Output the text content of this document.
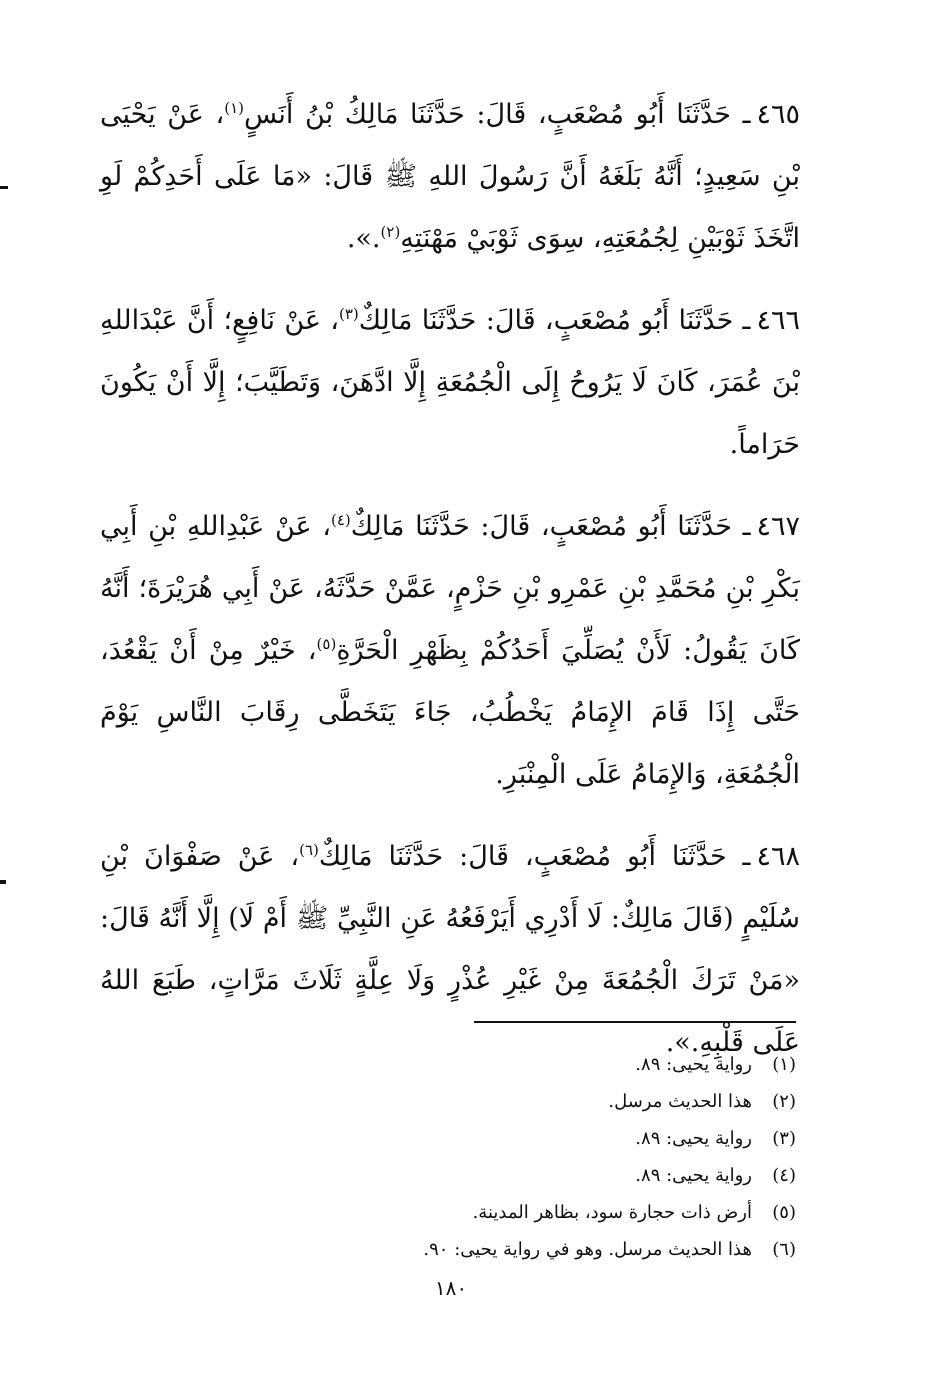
٤٦٥ـ حَدَّثَنَا أَبُو مُصْعَبٍ، قَالَ: حَدَّثَنَا مَالِكُ بْنُ أَنَسٍ$^{(١)}$، عَنْ يَحْيَى بْنِ سَعِيدٍ؛ أَنَّهُ بَلَغَهُ أَنَّ رَسُولَ اللهِ ﷺ قَالَ: «مَا عَلَى أَحَدِكُمْ لَوِ اتَّخَذَ ثَوْبَيْنِ لِجُمُعَتِهِ، سِوَى ثَوْبَيْ مَهْنَتِهِ$^{(٢)}$.».

٤٦٦ـ حَدَّثَنَا أَبُو مُصْعَبٍ، قَالَ: حَدَّثَنَا مَالِكٌ$^{(٣)}$، عَنْ نَافِعٍ؛ أَنَّ عَبْدَاللهِ بْنَ عُمَرَ، كَانَ لَا يَرُوحُ إِلَى الْجُمُعَةِ إِلَّا ادَّهَنَ، وَتَطَيَّبَ؛ إِلَّا أَنْ يَكُونَ حَرَاماً.

٤٦٧ـ حَدَّثَنَا أَبُو مُصْعَبٍ، قَالَ: حَدَّثَنَا مَالِكٌ$^{(٤)}$، عَنْ عَبْدِاللهِ بْنِ أَبِي بَكْرِ بْنِ مُحَمَّدِ بْنِ عَمْرِو بْنِ حَزْمٍ، عَمَّنْ حَدَّثَهُ، عَنْ أَبِي هُرَيْرَةَ؛ أَنَّهُ كَانَ يَقُولُ: لَأَنْ يُصَلِّيَ أَحَدُكُمْ بِظَهْرِ الْحَرَّةِ$^{(٥)}$، خَيْرٌ مِنْ أَنْ يَقْعُدَ، حَتَّى إِذَا قَامَ الإِمَامُ يَخْطُبُ، جَاءَ يَتَخَطَّى رِقَابَ النَّاسِ يَوْمَ الْجُمُعَةِ، وَالإِمَامُ عَلَى الْمِنْبَرِ.

٤٦٨ـ حَدَّثَنَا أَبُو مُصْعَبٍ، قَالَ: حَدَّثَنَا مَالِكٌ$^{(٦)}$، عَنْ صَفْوَانَ بْنِ سُلَيْمٍ (قَالَ مَالِكٌ: لَا أَدْرِي أَيَرْفَعُهُ عَنِ النَّبِيِّ ﷺ أَمْ لَا) إِلَّا أَنَّهُ قَالَ: «مَنْ تَرَكَ الْجُمُعَةَ مِنْ غَيْرِ عُذْرٍ وَلَا عِلَّةٍ ثَلَاثَ مَرَّاتٍ، طَبَعَ اللهُ عَلَى قَلْبِهِ.».

(١)
رواية يحيى: ٨٩.
(٢)
هذا الحديث مرسل.
(٣)
رواية يحيى: ٨٩.
(٤)
رواية يحيى: ٨٩.
(٥)
أرض ذات حجارة سود، بظاهر المدينة.
(٦)
هذا الحديث مرسل. وهو في رواية يحيى: ٩٠.
١٨٠
